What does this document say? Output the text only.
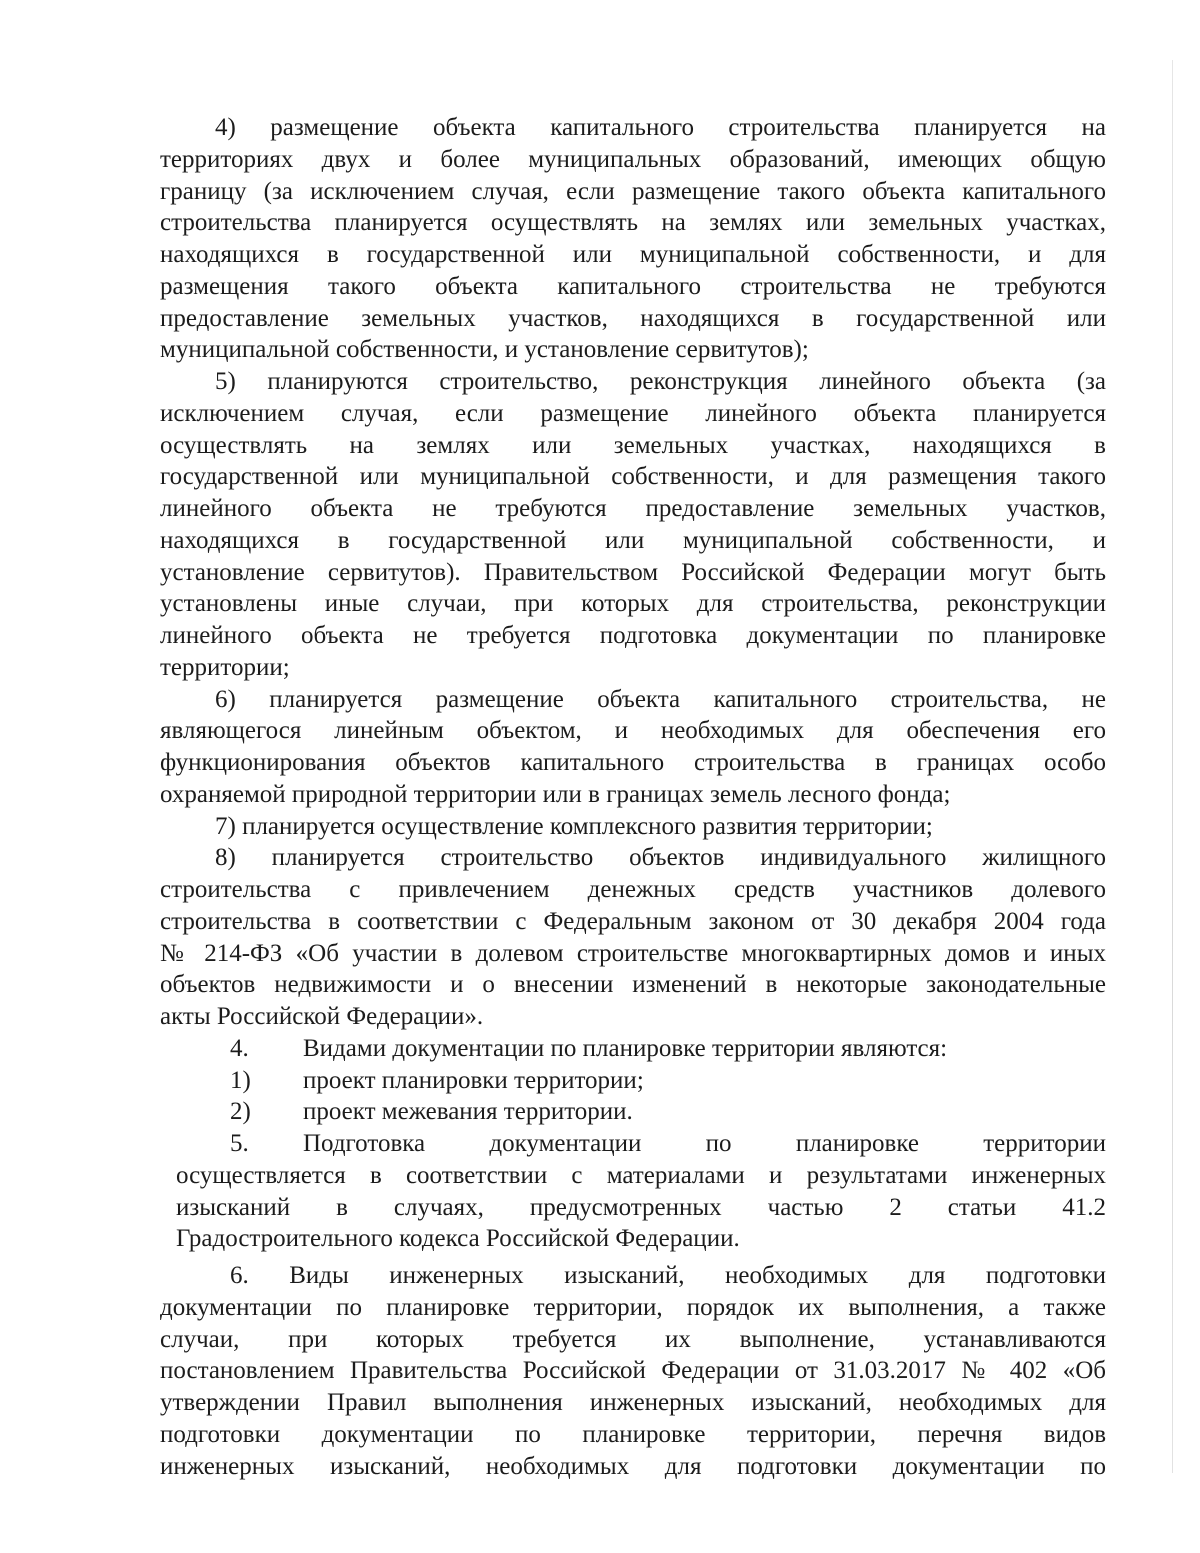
4) размещение объекта капитального строительства планируется на
территориях двух и более муниципальных образований, имеющих общую
границу (за исключением случая, если размещение такого объекта капитального
строительства планируется осуществлять на землях или земельных участках,
находящихся в государственной или муниципальной собственности, и для
размещения такого объекта капитального строительства не требуются
предоставление земельных участков, находящихся в государственной или
муниципальной собственности, и установление сервитутов);
5) планируются строительство, реконструкция линейного объекта (за
исключением случая, если размещение линейного объекта планируется
осуществлять на землях или земельных участках, находящихся в
государственной или муниципальной собственности, и для размещения такого
линейного объекта не требуются предоставление земельных участков,
находящихся в государственной или муниципальной собственности, и
установление сервитутов). Правительством Российской Федерации могут быть
установлены иные случаи, при которых для строительства, реконструкции
линейного объекта не требуется подготовка документации по планировке
территории;
6) планируется размещение объекта капитального строительства, не
являющегося линейным объектом, и необходимых для обеспечения его
функционирования объектов капитального строительства в границах особо
охраняемой природной территории или в границах земель лесного фонда;
7) планируется осуществление комплексного развития территории;
8) планируется строительство объектов индивидуального жилищного
строительства с привлечением денежных средств участников долевого
строительства в соответствии с Федеральным законом от 30 декабря 2004 года
№ 214-ФЗ «Об участии в долевом строительстве многоквартирных домов и иных
объектов недвижимости и о внесении изменений в некоторые законодательные
акты Российской Федерации».
4. Видами документации по планировке территории являются:
1) проект планировки территории;
2) проект межевания территории.
5. Подготовка документации по планировке территории
осуществляется в соответствии с материалами и результатами инженерных
изысканий в случаях, предусмотренных частью 2 статьи 41.2
Градостроительного кодекса Российской Федерации.
6. Виды инженерных изысканий, необходимых для подготовки
документации по планировке территории, порядок их выполнения, а также
случаи, при которых требуется их выполнение, устанавливаются
постановлением Правительства Российской Федерации от 31.03.2017 № 402 «Об
утверждении Правил выполнения инженерных изысканий, необходимых для
подготовки документации по планировке территории, перечня видов
инженерных изысканий, необходимых для подготовки документации по
